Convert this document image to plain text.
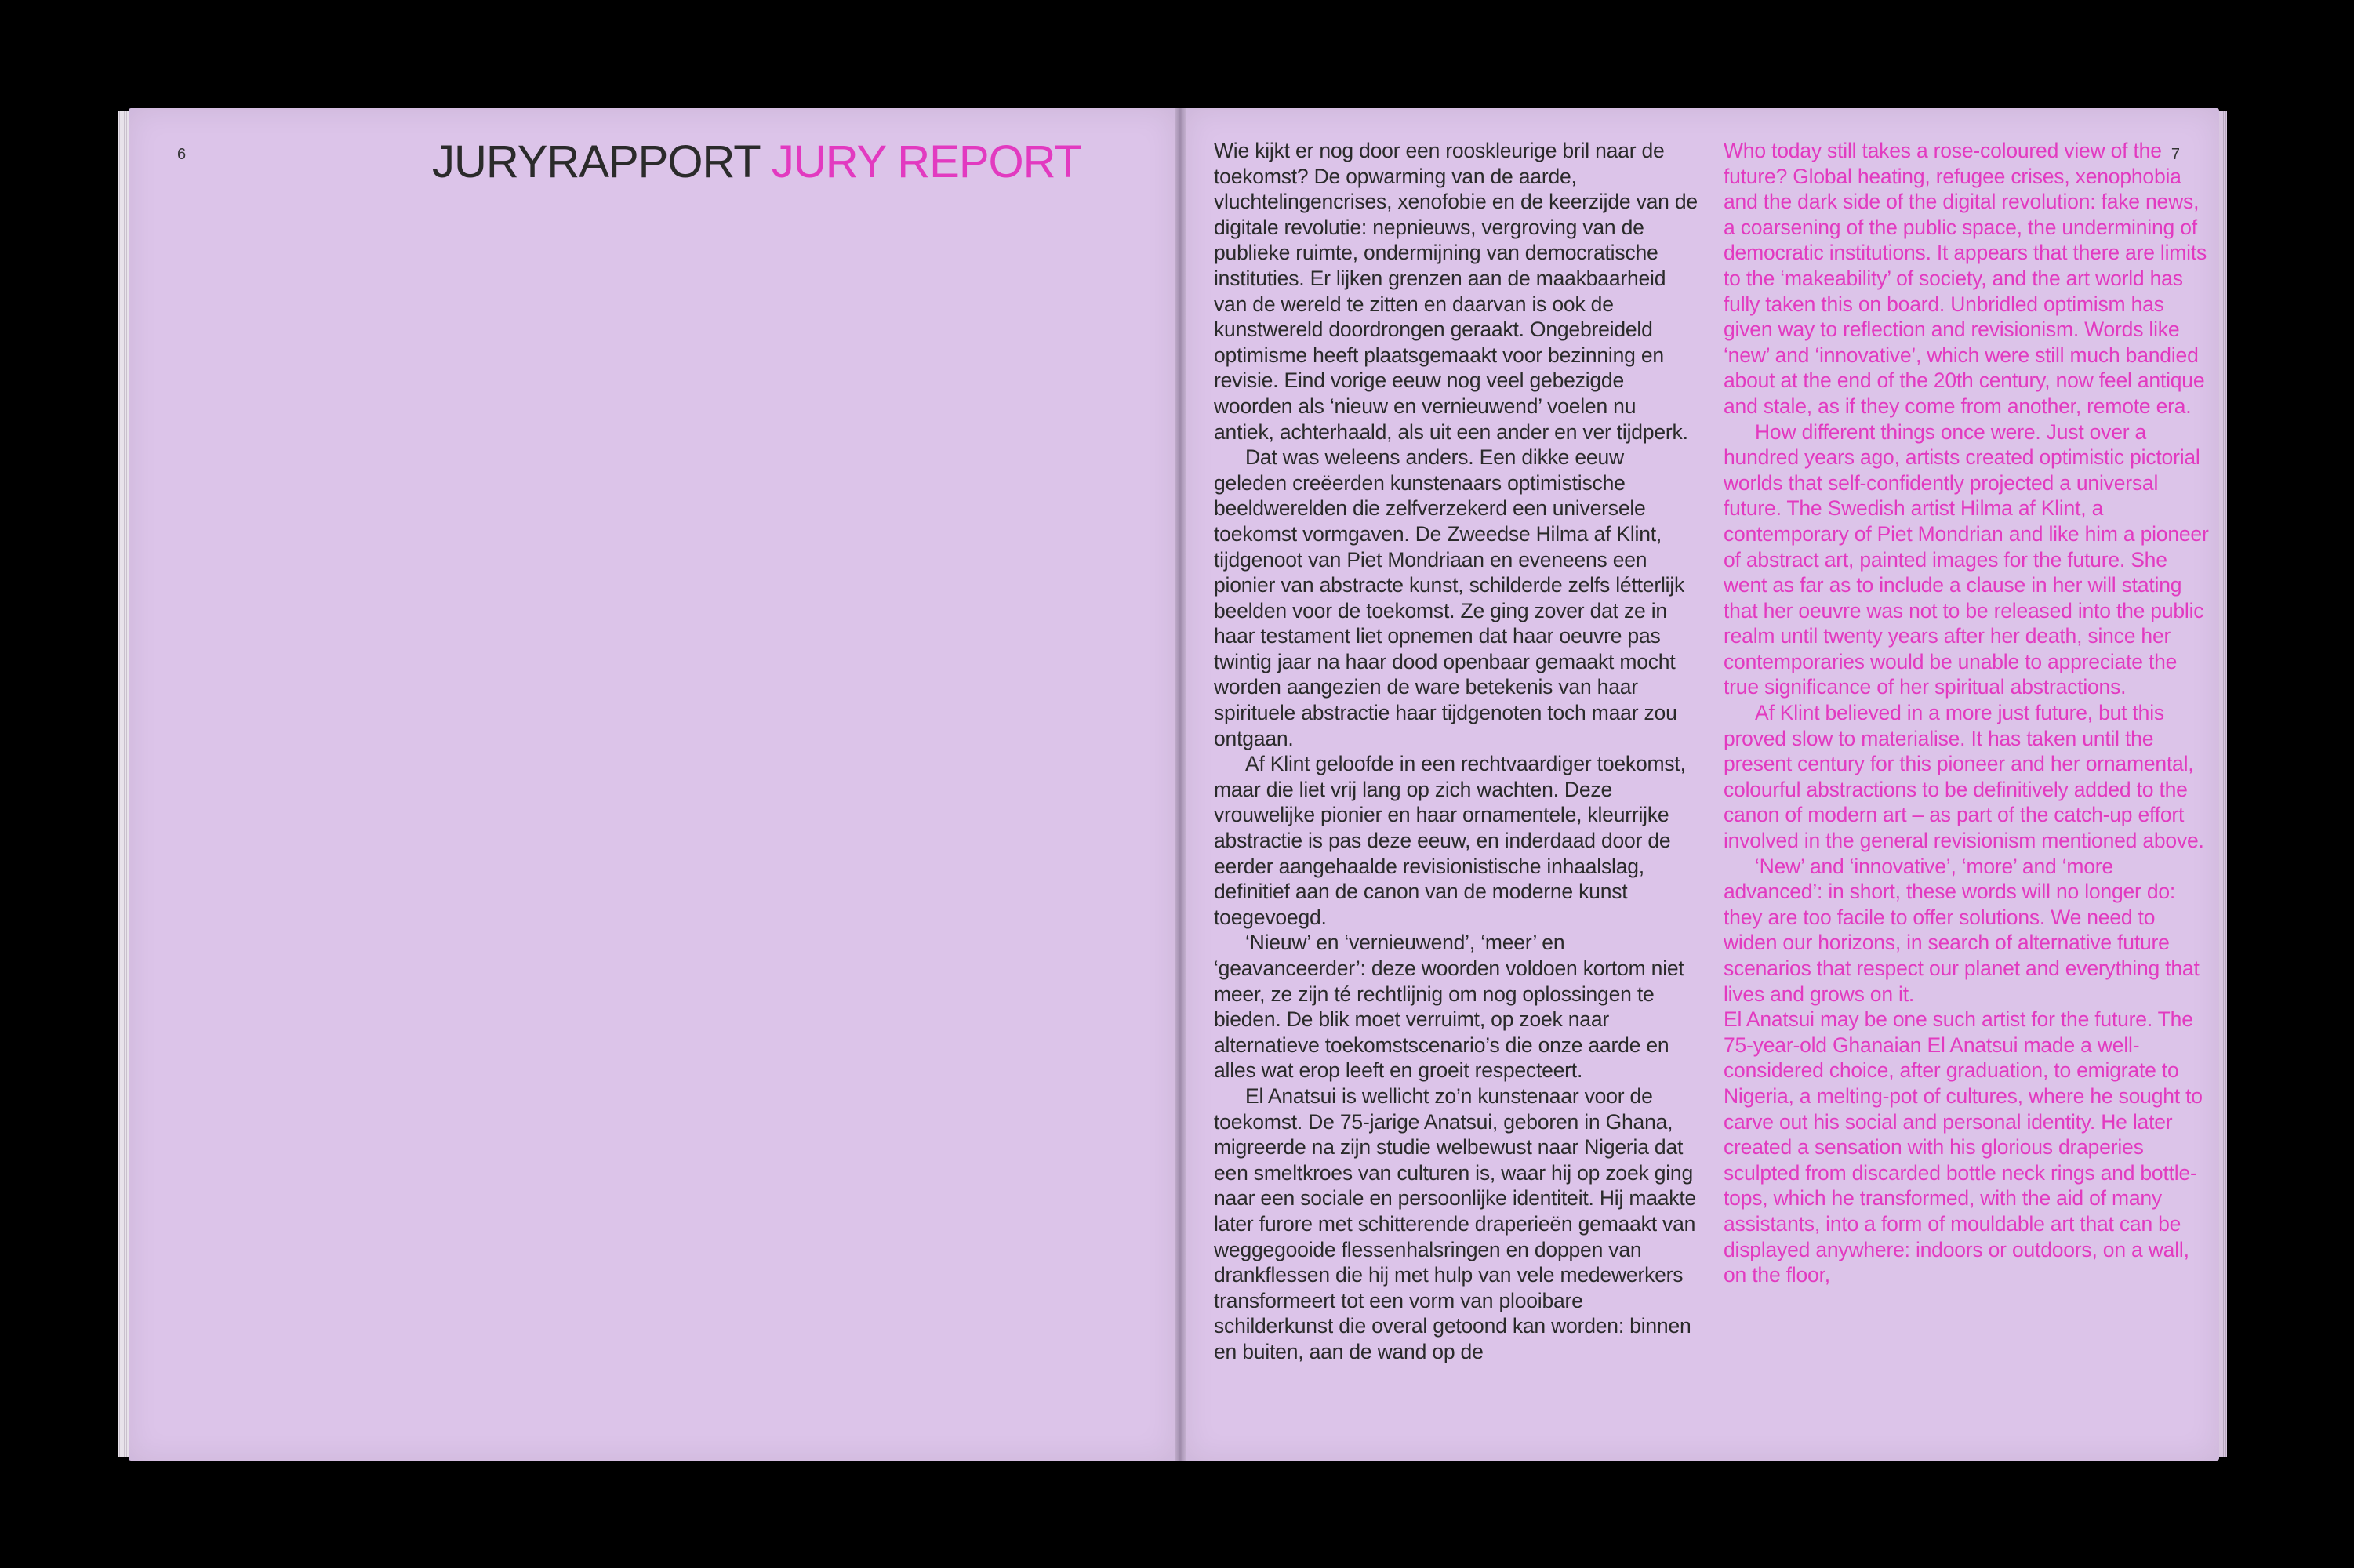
6	JURYRAPPORT JURY REPORT	7

Wie kijkt er nog door een rooskleurige bril naar de toekomst? De opwarming van de aarde, vluchtelingencrises, xenofobie en de keerzijde van de digitale revolutie: nepnieuws, vergroving van de publieke ruimte, ondermijning van democratische instituties. Er lijken grenzen aan de maakbaarheid van de wereld te zitten en daarvan is ook de kunstwereld doordrongen geraakt. Ongebreideld optimisme heeft plaatsgemaakt voor bezinning en revisie. Eind vorige eeuw nog veel gebezigde woorden als ‘nieuw en vernieuwend’ voelen nu antiek, achterhaald, als uit een ander en ver tijdperk.

Dat was weleens anders. Een dikke eeuw geleden creëerden kunstenaars optimistische beeldwerelden die zelfverzekerd een universele toekomst vormgaven. De Zweedse Hilma af Klint, tijdgenoot van Piet Mondriaan en eveneens een pionier van abstracte kunst, schilderde zelfs létterlijk beelden voor de toekomst. Ze ging zover dat ze in haar testament liet opnemen dat haar oeuvre pas twintig jaar na haar dood openbaar gemaakt mocht worden aangezien de ware betekenis van haar spirituele abstractie haar tijdgenoten toch maar zou ontgaan.

Af Klint geloofde in een rechtvaardiger toekomst, maar die liet vrij lang op zich wachten. Deze vrouwelijke pionier en haar ornamentele, kleurrijke abstractie is pas deze eeuw, en inderdaad door de eerder aangehaalde revisionistische inhaalslag, definitief aan de canon van de moderne kunst toegevoegd.

‘Nieuw’ en ‘vernieuwend’, ‘meer’ en ‘geavanceerder’: deze woorden voldoen kortom niet meer, ze zijn té rechtlijnig om nog oplossingen te bieden. De blik moet verruimt, op zoek naar alternatieve toekomstscenario’s die onze aarde en alles wat erop leeft en groeit respecteert.

El Anatsui is wellicht zo’n kunstenaar voor de toekomst. De 75-jarige Anatsui, geboren in Ghana, migreerde na zijn studie welbewust naar Nigeria dat een smeltkroes van culturen is, waar hij op zoek ging naar een sociale en persoonlijke identiteit. Hij maakte later furore met schitterende draperieën gemaakt van weggegooide flessenhalsringen en doppen van drankflessen die hij met hulp van vele medewerkers transformeert tot een vorm van plooibare schilderkunst die overal getoond kan worden: binnen en buiten, aan de wand op de

Who today still takes a rose-coloured view of the future? Global heating, refugee crises, xenophobia and the dark side of the digital revolution: fake news, a coarsening of the public space, the undermining of democratic institutions. It appears that there are limits to the ‘makeability’ of society, and the art world has fully taken this on board. Unbridled optimism has given way to reflection and revisionism. Words like ‘new’ and ‘innovative’, which were still much bandied about at the end of the 20th century, now feel antique and stale, as if they come from another, remote era.

How different things once were. Just over a hundred years ago, artists created optimistic pictorial worlds that self-confidently projected a universal future. The Swedish artist Hilma af Klint, a contemporary of Piet Mondrian and like him a pioneer of abstract art, painted images for the future. She went as far as to include a clause in her will stating that her oeuvre was not to be released into the public realm until twenty years after her death, since her contemporaries would be unable to appreciate the true significance of her spiritual abstractions.

Af Klint believed in a more just future, but this proved slow to materialise. It has taken until the present century for this pioneer and her ornamental, colourful abstractions to be definitively added to the canon of modern art – as part of the catch-up effort involved in the general revisionism mentioned above.

‘New’ and ‘innovative’, ‘more’ and ‘more advanced’: in short, these words will no longer do: they are too facile to offer solutions. We need to widen our horizons, in search of alternative future scenarios that respect our planet and everything that lives and grows on it.

El Anatsui may be one such artist for the future. The 75-year-old Ghanaian El Anatsui made a well-considered choice, after graduation, to emigrate to Nigeria, a melting-pot of cultures, where he sought to carve out his social and personal identity. He later created a sensation with his glorious draperies sculpted from discarded bottle neck rings and bottle-tops, which he transformed, with the aid of many assistants, into a form of mouldable art that can be displayed anywhere: indoors or outdoors, on a wall, on the floor,
